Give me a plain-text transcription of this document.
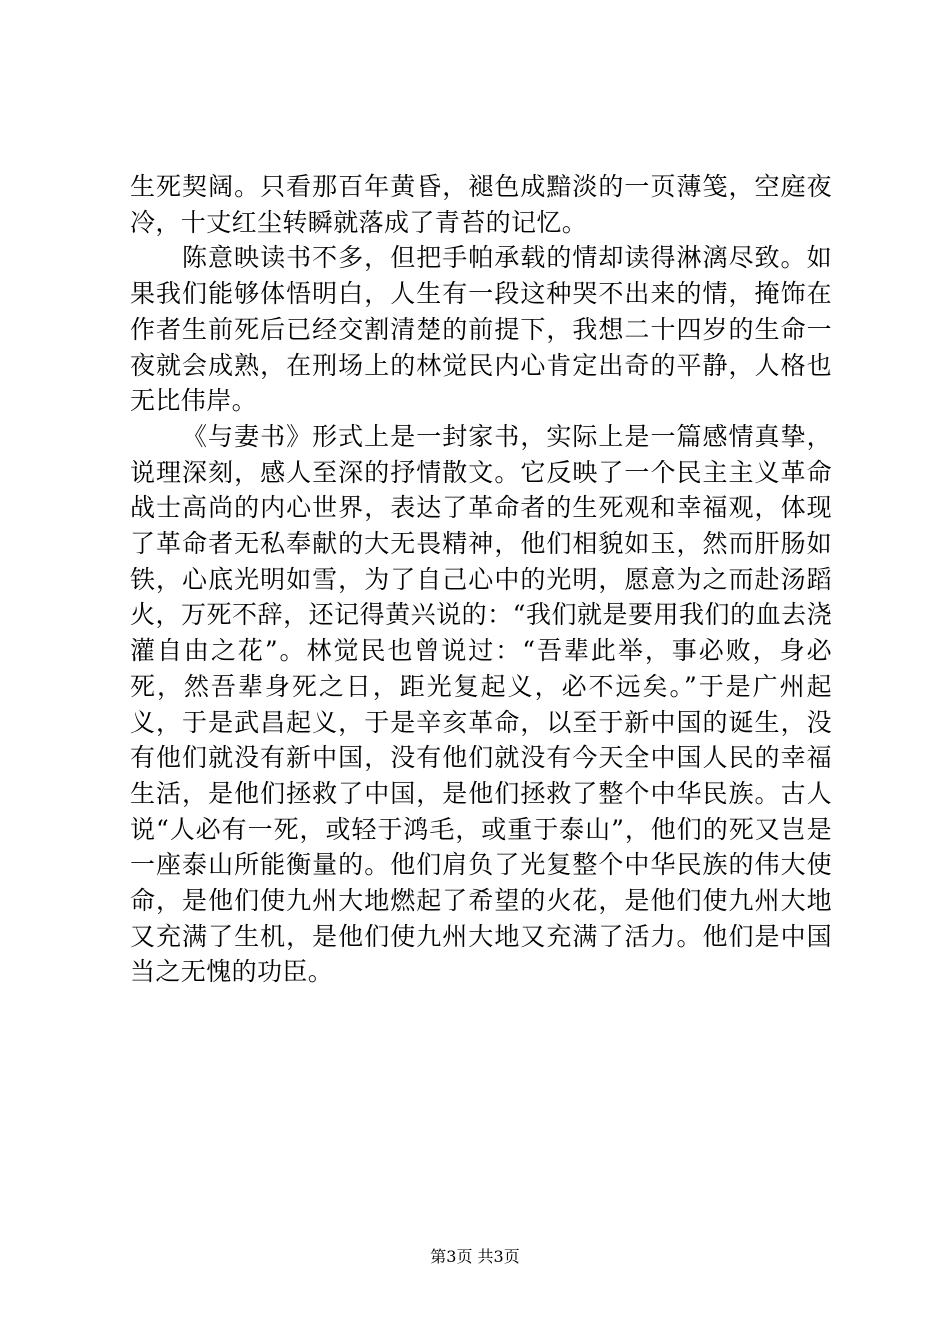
生死契阔。只看那百年黄昏，褪色成黯淡的一页薄笺，空庭夜冷，十丈红尘转瞬就落成了青苔的记忆。

陈意映读书不多，但把手帕承载的情却读得淋漓尽致。如果我们能够体悟明白，人生有一段这种哭不出来的情，掩饰在作者生前死后已经交割清楚的前提下，我想二十四岁的生命一夜就会成熟，在刑场上的林觉民内心肯定出奇的平静，人格也无比伟岸。

《与妻书》形式上是一封家书，实际上是一篇感情真挚，说理深刻，感人至深的抒情散文。它反映了一个民主主义革命战士高尚的内心世界，表达了革命者的生死观和幸福观，体现了革命者无私奉献的大无畏精神，他们相貌如玉，然而肝肠如铁，心底光明如雪，为了自己心中的光明，愿意为之而赴汤蹈火，万死不辞，还记得黄兴说的：“我们就是要用我们的血去浇灌自由之花”。林觉民也曾说过：“吾辈此举，事必败，身必死，然吾辈身死之日，距光复起义，必不远矣。”于是广州起义，于是武昌起义，于是辛亥革命，以至于新中国的诞生，没有他们就没有新中国，没有他们就没有今天全中国人民的幸福生活，是他们拯救了中国，是他们拯救了整个中华民族。古人说“人必有一死，或轻于鸿毛，或重于泰山”，他们的死又岂是一座泰山所能衡量的。他们肩负了光复整个中华民族的伟大使命，是他们使九州大地燃起了希望的火花，是他们使九州大地又充满了生机，是他们使九州大地又充满了活力。他们是中国当之无愧的功臣。

第3页 共3页
